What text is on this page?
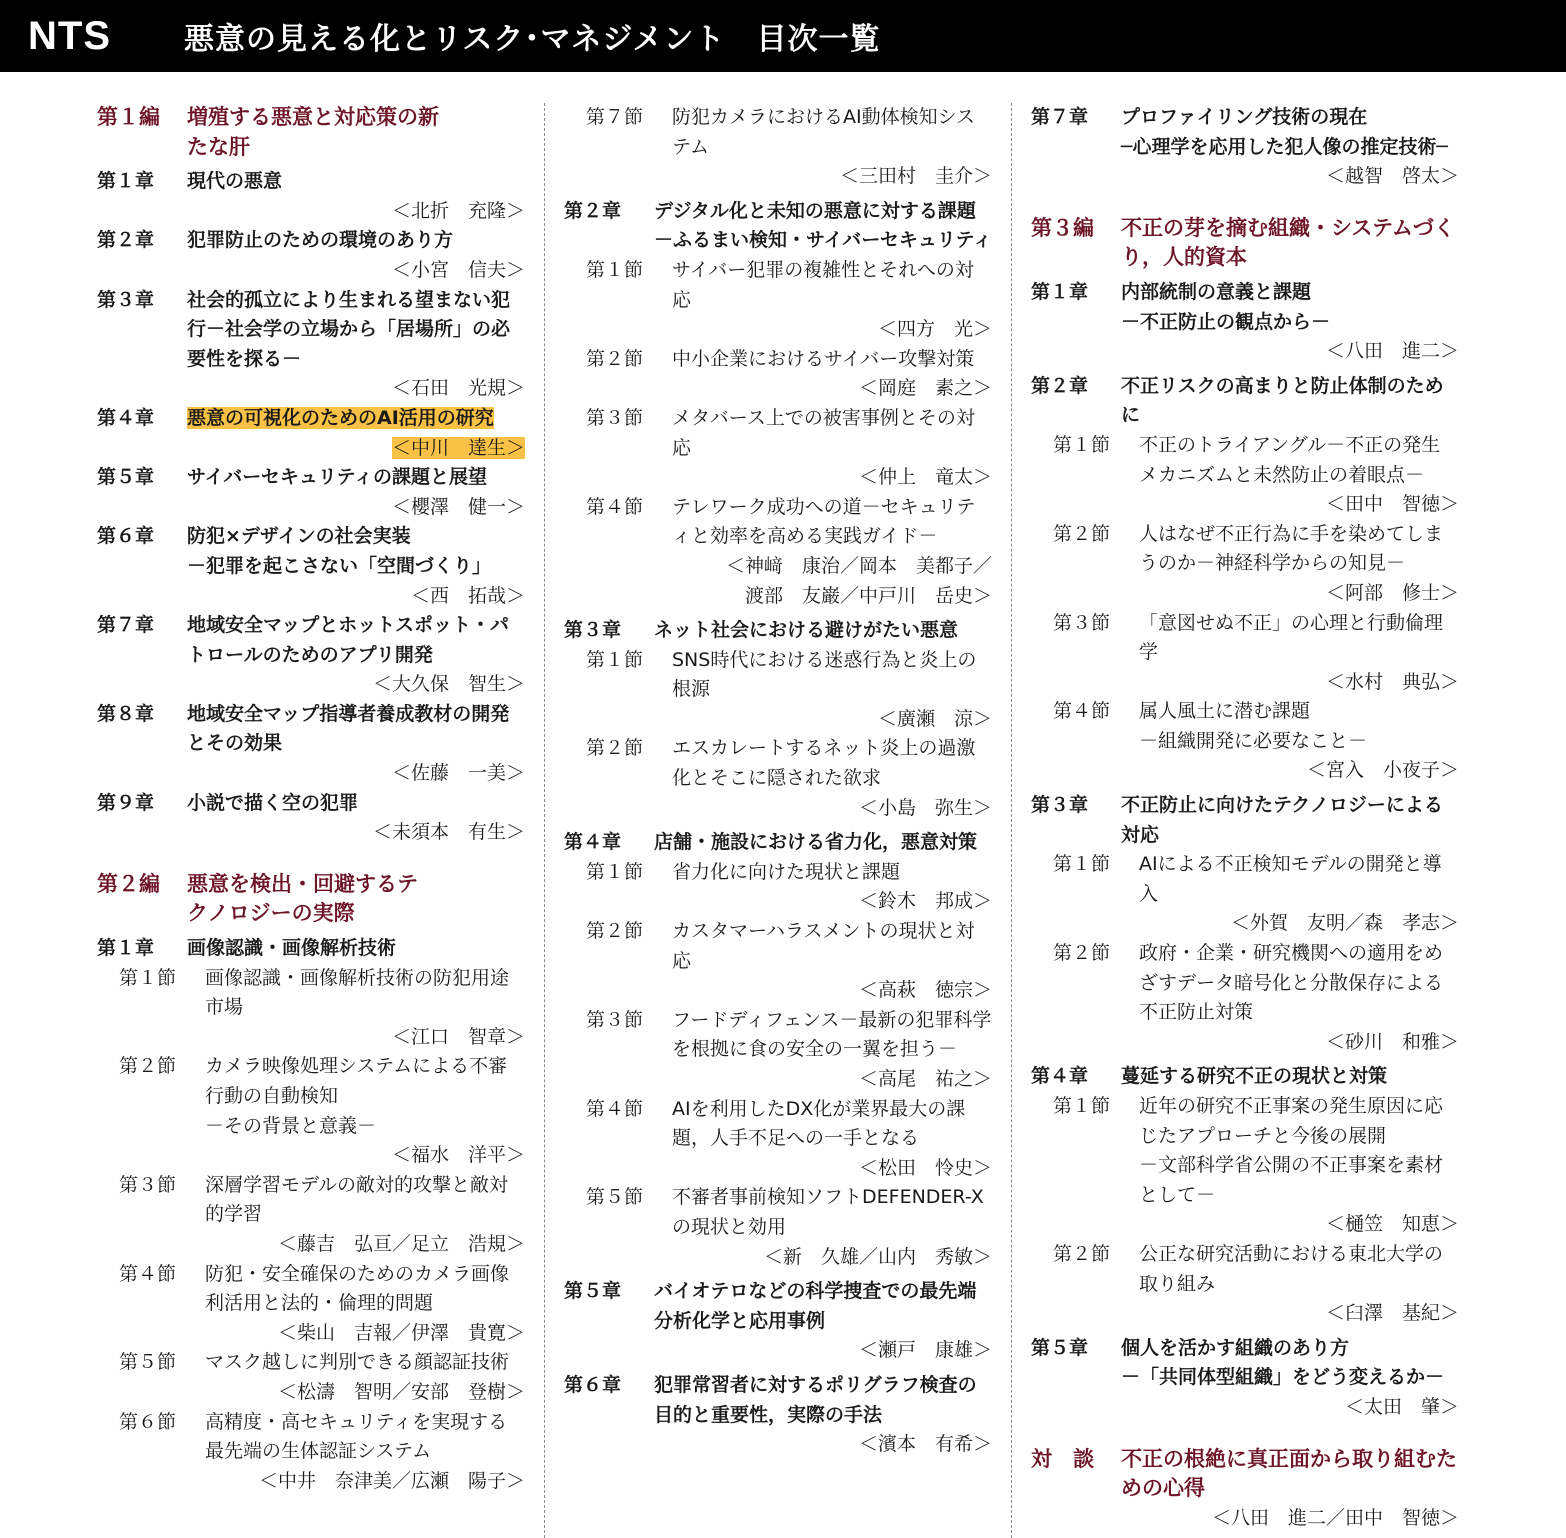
NTS	悪意の見える化とリスク･マネジメント　目次一覧
第１編	増殖する悪意と対応策の新たな肝
第１章	現代の悪意
＜北折　充隆＞
第２章	犯罪防止のための環境のあり方
＜小宮　信夫＞
第３章	社会的孤立により生まれる望まない犯行－社会学の立場から「居場所」の必要性を探る－
＜石田　光規＞
第４章	悪意の可視化のためのAI活用の研究
＜中川　達生＞
第５章	サイバーセキュリティの課題と展望
＜櫻澤　健一＞
第６章	防犯×デザインの社会実装
－犯罪を起こさない「空間づくり」
＜西　拓哉＞
第７章	地域安全マップとホットスポット・パトロールのためのアプリ開発
＜大久保　智生＞
第８章	地域安全マップ指導者養成教材の開発とその効果
＜佐藤　一美＞
第９章	小説で描く空の犯罪
＜未須本　有生＞
第２編	悪意を検出・回避するテクノロジーの実際
第１章	画像認識・画像解析技術
第１節	画像認識・画像解析技術の防犯用途市場
＜江口　智章＞
第２節	カメラ映像処理システムによる不審行動の自動検知
－その背景と意義－
＜福水　洋平＞
第３節	深層学習モデルの敵対的攻撃と敵対的学習
＜藤吉　弘亘／足立　浩規＞
第４節	防犯・安全確保のためのカメラ画像利活用と法的・倫理的問題
＜柴山　吉報／伊澤　貴寛＞
第５節	マスク越しに判別できる顔認証技術
＜松濤　智明／安部　登樹＞
第６節	高精度・高セキュリティを実現する最先端の生体認証システム
＜中井　奈津美／広瀬　陽子＞
第７節	防犯カメラにおけるAI動体検知システム
＜三田村　圭介＞
第２章	デジタル化と未知の悪意に対する課題 －ふるまい検知・サイバーセキュリティ
第１節	サイバー犯罪の複雑性とそれへの対応
＜四方　光＞
第２節	中小企業におけるサイバー攻撃対策
＜岡庭　素之＞
第３節	メタバース上での被害事例とその対応
＜仲上　竜太＞
第４節	テレワーク成功への道－セキュリティと効率を高める実践ガイド－
＜神﨑　康治／岡本　美都子／
渡部　友巌／中戸川　岳史＞
第３章	ネット社会における避けがたい悪意
第１節	SNS時代における迷惑行為と炎上の根源
＜廣瀬　涼＞
第２節	エスカレートするネット炎上の過激化とそこに隠された欲求
＜小島　弥生＞
第４章	店舗・施設における省力化，悪意対策
第１節	省力化に向けた現状と課題
＜鈴木　邦成＞
第２節	カスタマーハラスメントの現状と対応
＜高萩　徳宗＞
第３節	フードディフェンス－最新の犯罪科学を根拠に食の安全の一翼を担う－
＜高尾　祐之＞
第４節	AIを利用したDX化が業界最大の課題，人手不足への一手となる
＜松田　怜史＞
第５節	不審者事前検知ソフトDEFENDER-Xの現状と効用
＜新　久雄／山内　秀敏＞
第５章	バイオテロなどの科学捜査での最先端分析化学と応用事例
＜瀬戸　康雄＞
第６章	犯罪常習者に対するポリグラフ検査の目的と重要性，実際の手法
＜濱本　有希＞
第７章	プロファイリング技術の現在
─心理学を応用した犯人像の推定技術─
＜越智　啓太＞
第３編	不正の芽を摘む組織・システムづくり，人的資本
第１章	内部統制の意義と課題
－不正防止の観点から－
＜八田　進二＞
第２章	不正リスクの高まりと防止体制のために
第１節	不正のトライアングル－不正の発生メカニズムと未然防止の着眼点－
＜田中　智徳＞
第２節	人はなぜ不正行為に手を染めてしまうのか－神経科学からの知見－
＜阿部　修士＞
第３節	「意図せぬ不正」の心理と行動倫理学
＜水村　典弘＞
第４節	属人風土に潜む課題
－組織開発に必要なこと－
＜宮入　小夜子＞
第３章	不正防止に向けたテクノロジーによる対応
第１節	AIによる不正検知モデルの開発と導入
＜外賀　友明／森　孝志＞
第２節	政府・企業・研究機関への適用をめざすデータ暗号化と分散保存による不正防止対策
＜砂川　和雅＞
第４章	蔓延する研究不正の現状と対策
第１節	近年の研究不正事案の発生原因に応じたアプローチと今後の展開
－文部科学省公開の不正事案を素材として－
＜樋笠　知恵＞
第２節	公正な研究活動における東北大学の取り組み
＜臼澤　基紀＞
第５章	個人を活かす組織のあり方
－「共同体型組織」をどう変えるか－
＜太田　肇＞
対　談	不正の根絶に真正面から取り組むための心得
＜八田　進二／田中　智徳＞
